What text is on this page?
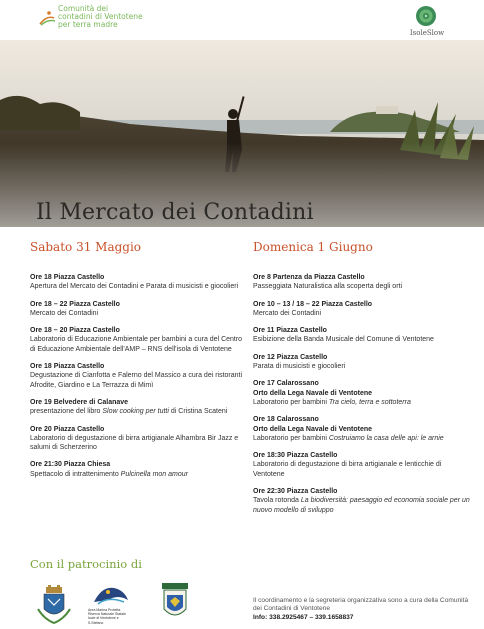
Comunità dei
contadini di Ventotene
per terra madre
IsoleSlow
Il Mercato dei Contadini
Sabato 31 Maggio	Domenica 1 Giugno
Ore 18 Piazza Castello
Apertura del Mercato dei Contadini e Parata di musicisti e giocolieri
Ore 18 – 22 Piazza Castello
Mercato dei Contadini
Ore 18 – 20 Piazza Castello
Laboratorio di Educazione Ambientale per bambini a cura del Centro di Educazione Ambientale dell'AMP – RNS dell'isola di Ventotene
Ore 18 Piazza Castello
Degustazione di Cianfotta e Falerno del Massico a cura dei ristoranti Afrodite, Giardino e La Terrazza di Mimì
Ore 19 Belvedere di Calanave
presentazione del libro Slow cooking per tutti di Cristina Scateni
Ore 20 Piazza Castello
Laboratorio di degustazione di birra artigianale Alhambra Bir Jazz e salumi di Scherzerino
Ore 21:30 Piazza Chiesa
Spettacolo di intrattenimento Pulcinella mon amour
Ore 8 Partenza da Piazza Castello
Passeggiata Naturalistica alla scoperta degli orti
Ore 10 – 13 / 18 – 22 Piazza Castello
Mercato dei Contadini
Ore 11 Piazza Castello
Esibizione della Banda Musicale del Comune di Ventotene
Ore 12 Piazza Castello
Parata di musicisti e giocolieri
Ore 17 Calarossano
Orto della Lega Navale di Ventotene
Laboratorio per bambini Tra cielo, terra e sottoterra
Ore 18 Calarossano
Orto della Lega Navale di Ventotene
Laboratorio per bambini Costruiamo la casa delle api: le arnie
Ore 18:30 Piazza Castello
Laboratorio di degustazione di birra artigianale e lenticchie di Ventotene
Ore 22:30 Piazza Castello
Tavola rotonda La biodiversità: paesaggio ed economia sociale per un nuovo modello di sviluppo
Con il patrocinio di
Area Marina Protetta
Riserva Naturale Statale
Isole di Ventotene e S.Stefano
Il coordinamento e la segreteria organizzativa sono a cura della Comunità dei Contadini di Ventotene
Info: 338.2925467 – 339.1658837
